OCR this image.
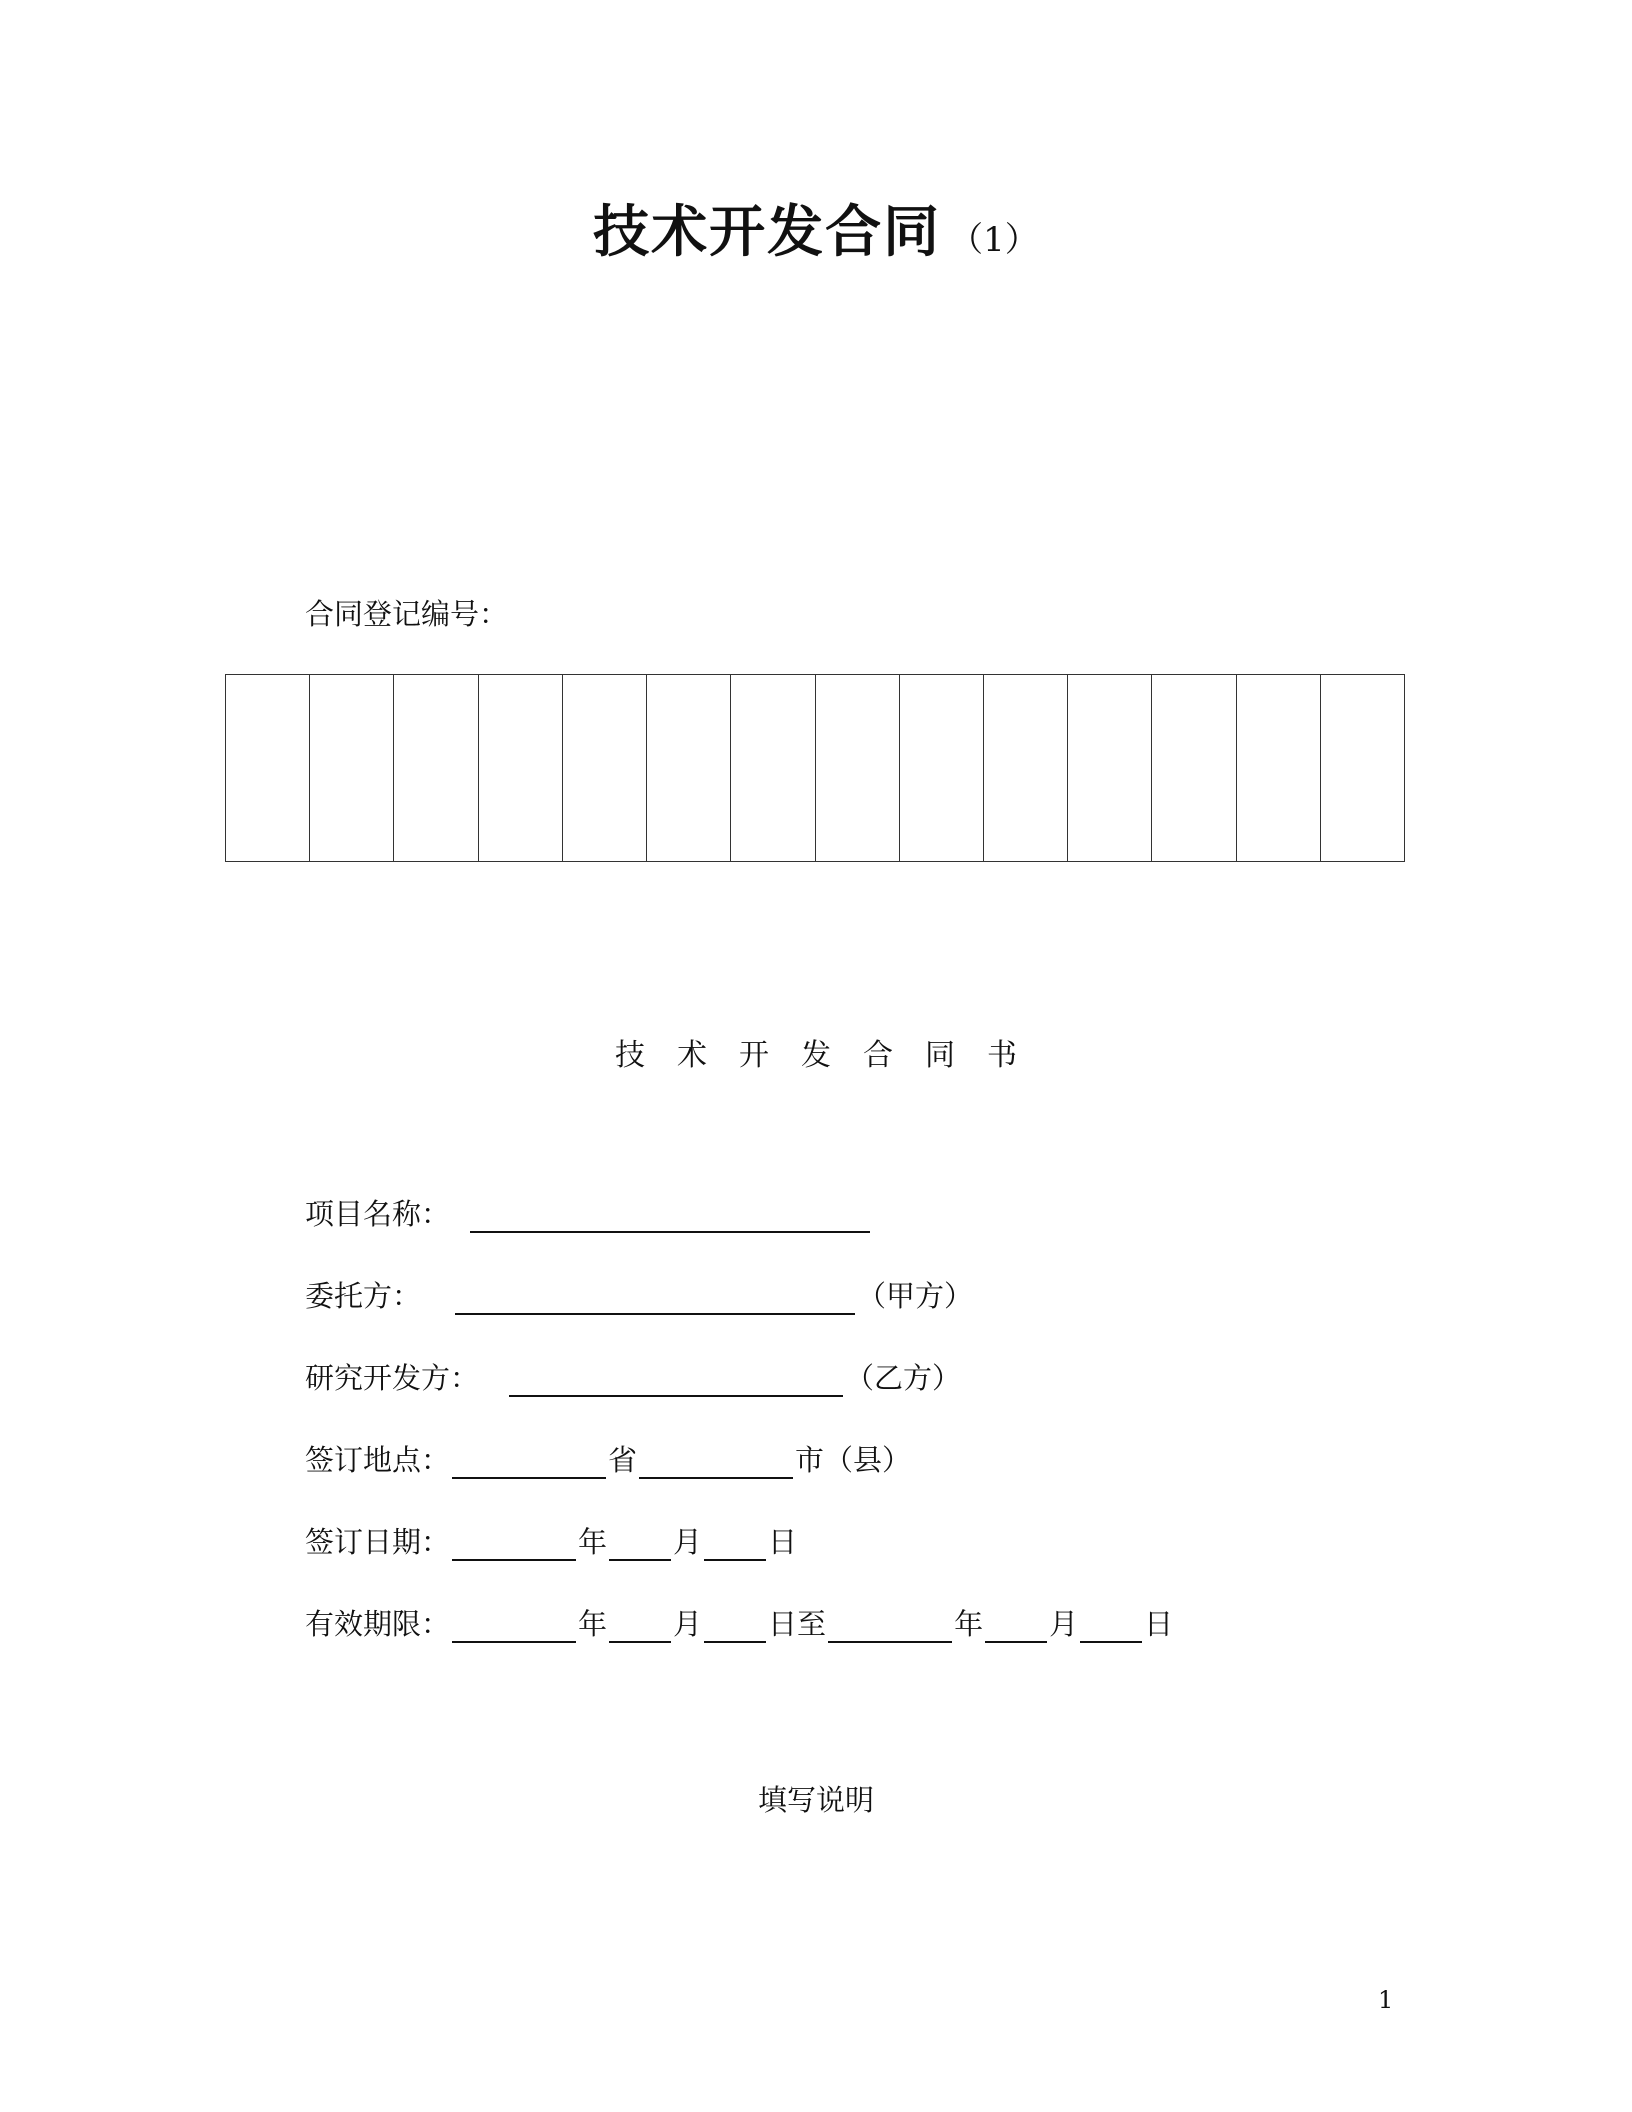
技术开发合同 （1）
合同登记编号：
技术开发合同书
项目名称：
委托方：	（甲方）
研究开发方：	（乙方）
签订地点：	省	市（县）
签订日期：	年 月 日
有效期限：	年 月 日至	年 月 日
填写说明
1
